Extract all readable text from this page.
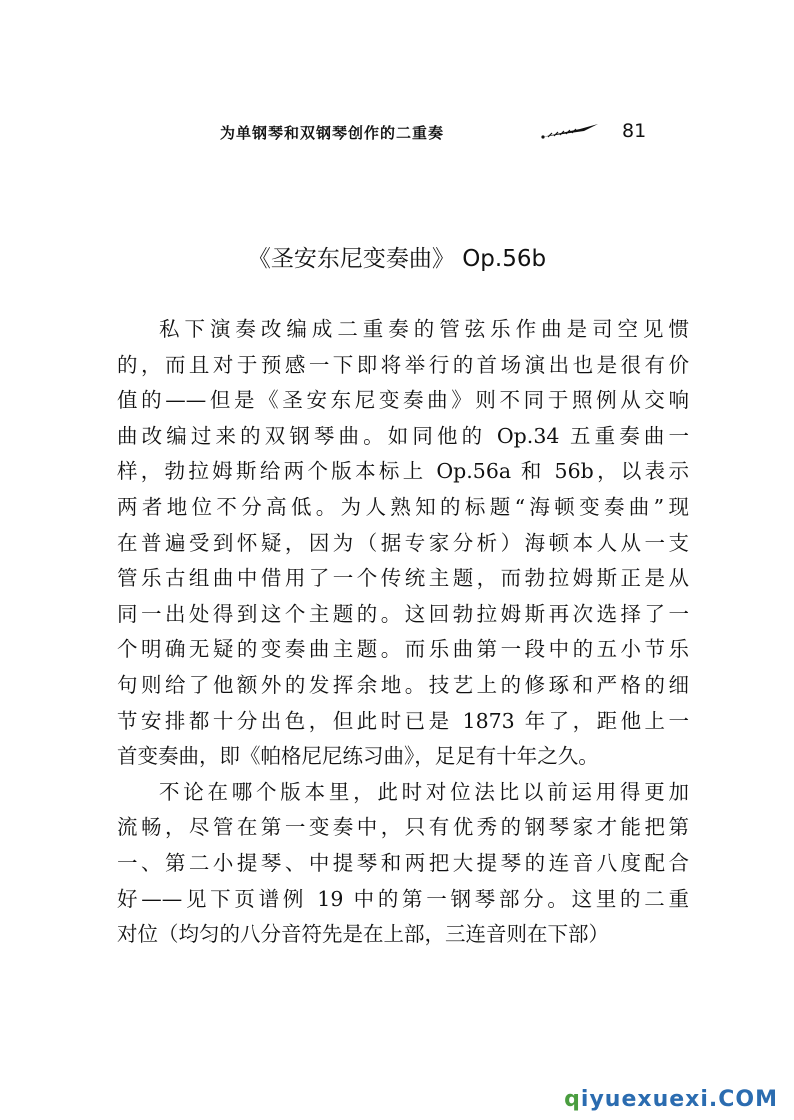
为单钢琴和双钢琴创作的二重奏	81
《圣安东尼变奏曲》 Op.56b
私下演奏改编成二重奏的管弦乐作曲是司空见惯
的，而且对于预感一下即将举行的首场演出也是很有价
值的——但是《圣安东尼变奏曲》则不同于照例从交响
曲改编过来的双钢琴曲。如同他的 Op.34 五重奏曲一
样，勃拉姆斯给两个版本标上 Op.56a 和 56b，以表示
两者地位不分高低。为人熟知的标题“海顿变奏曲”现
在普遍受到怀疑，因为（据专家分析）海顿本人从一支
管乐古组曲中借用了一个传统主题，而勃拉姆斯正是从
同一出处得到这个主题的。这回勃拉姆斯再次选择了一
个明确无疑的变奏曲主题。而乐曲第一段中的五小节乐
句则给了他额外的发挥余地。技艺上的修琢和严格的细
节安排都十分出色，但此时已是 1873 年了，距他上一
首变奏曲，即《帕格尼尼练习曲》，足足有十年之久。
不论在哪个版本里，此时对位法比以前运用得更加
流畅，尽管在第一变奏中，只有优秀的钢琴家才能把第
一、第二小提琴、中提琴和两把大提琴的连音八度配合
好——见下页谱例 19 中的第一钢琴部分。这里的二重
对位（均匀的八分音符先是在上部，三连音则在下部）
qiyuexuexi.COM
